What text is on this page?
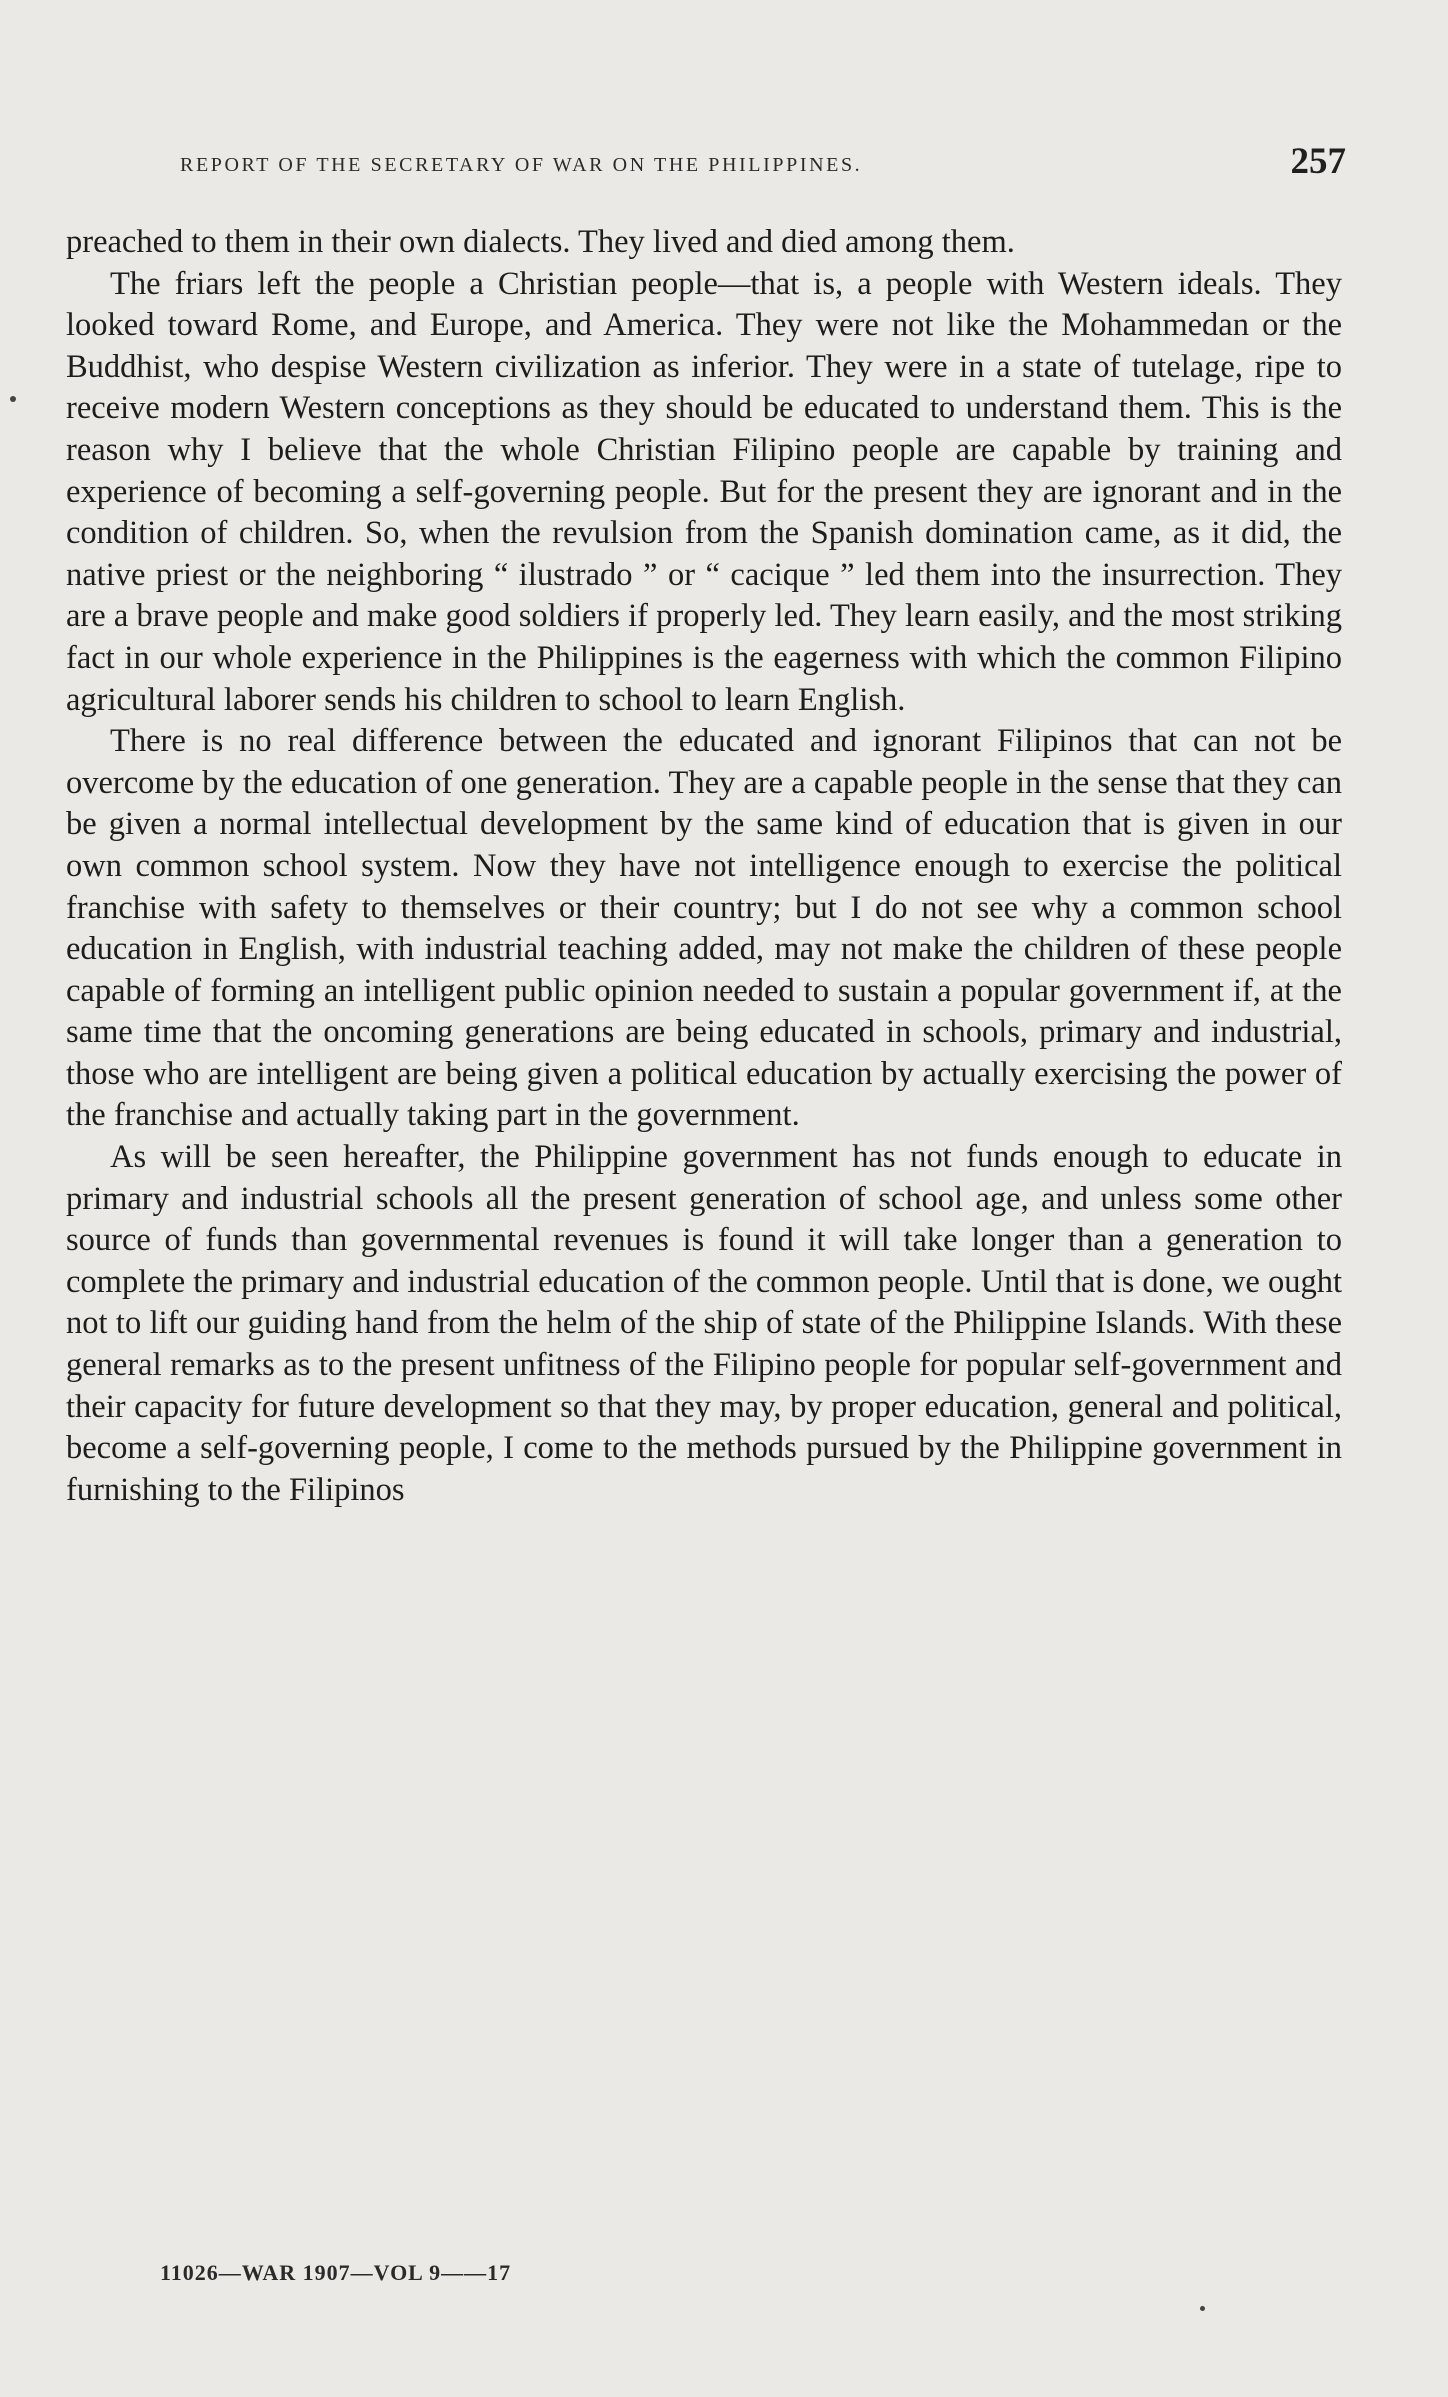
REPORT OF THE SECRETARY OF WAR ON THE PHILIPPINES.	257

preached to them in their own dialects. They lived and died among them.

The friars left the people a Christian people—that is, a people with Western ideals. They looked toward Rome, and Europe, and America. They were not like the Mohammedan or the Buddhist, who despise Western civilization as inferior. They were in a state of tutelage, ripe to receive modern Western conceptions as they should be educated to understand them. This is the reason why I believe that the whole Christian Filipino people are capable by training and experience of becoming a self-governing people. But for the present they are ignorant and in the condition of children. So, when the revulsion from the Spanish domination came, as it did, the native priest or the neighboring “ ilustrado ” or “ cacique ” led them into the insurrection. They are a brave people and make good soldiers if properly led. They learn easily, and the most striking fact in our whole experience in the Philippines is the eagerness with which the common Filipino agricultural laborer sends his children to school to learn English.

There is no real difference between the educated and ignorant Filipinos that can not be overcome by the education of one generation. They are a capable people in the sense that they can be given a normal intellectual development by the same kind of education that is given in our own common school system. Now they have not intelligence enough to exercise the political franchise with safety to themselves or their country; but I do not see why a common school education in English, with industrial teaching added, may not make the children of these people capable of forming an intelligent public opinion needed to sustain a popular government if, at the same time that the oncoming generations are being educated in schools, primary and industrial, those who are intelligent are being given a political education by actually exercising the power of the franchise and actually taking part in the government.

As will be seen hereafter, the Philippine government has not funds enough to educate in primary and industrial schools all the present generation of school age, and unless some other source of funds than governmental revenues is found it will take longer than a generation to complete the primary and industrial education of the common people. Until that is done, we ought not to lift our guiding hand from the helm of the ship of state of the Philippine Islands. With these general remarks as to the present unfitness of the Filipino people for popular self-government and their capacity for future development so that they may, by proper education, general and political, become a self-governing people, I come to the methods pursued by the Philippine government in furnishing to the Filipinos

11026—WAR 1907—VOL 9——17
